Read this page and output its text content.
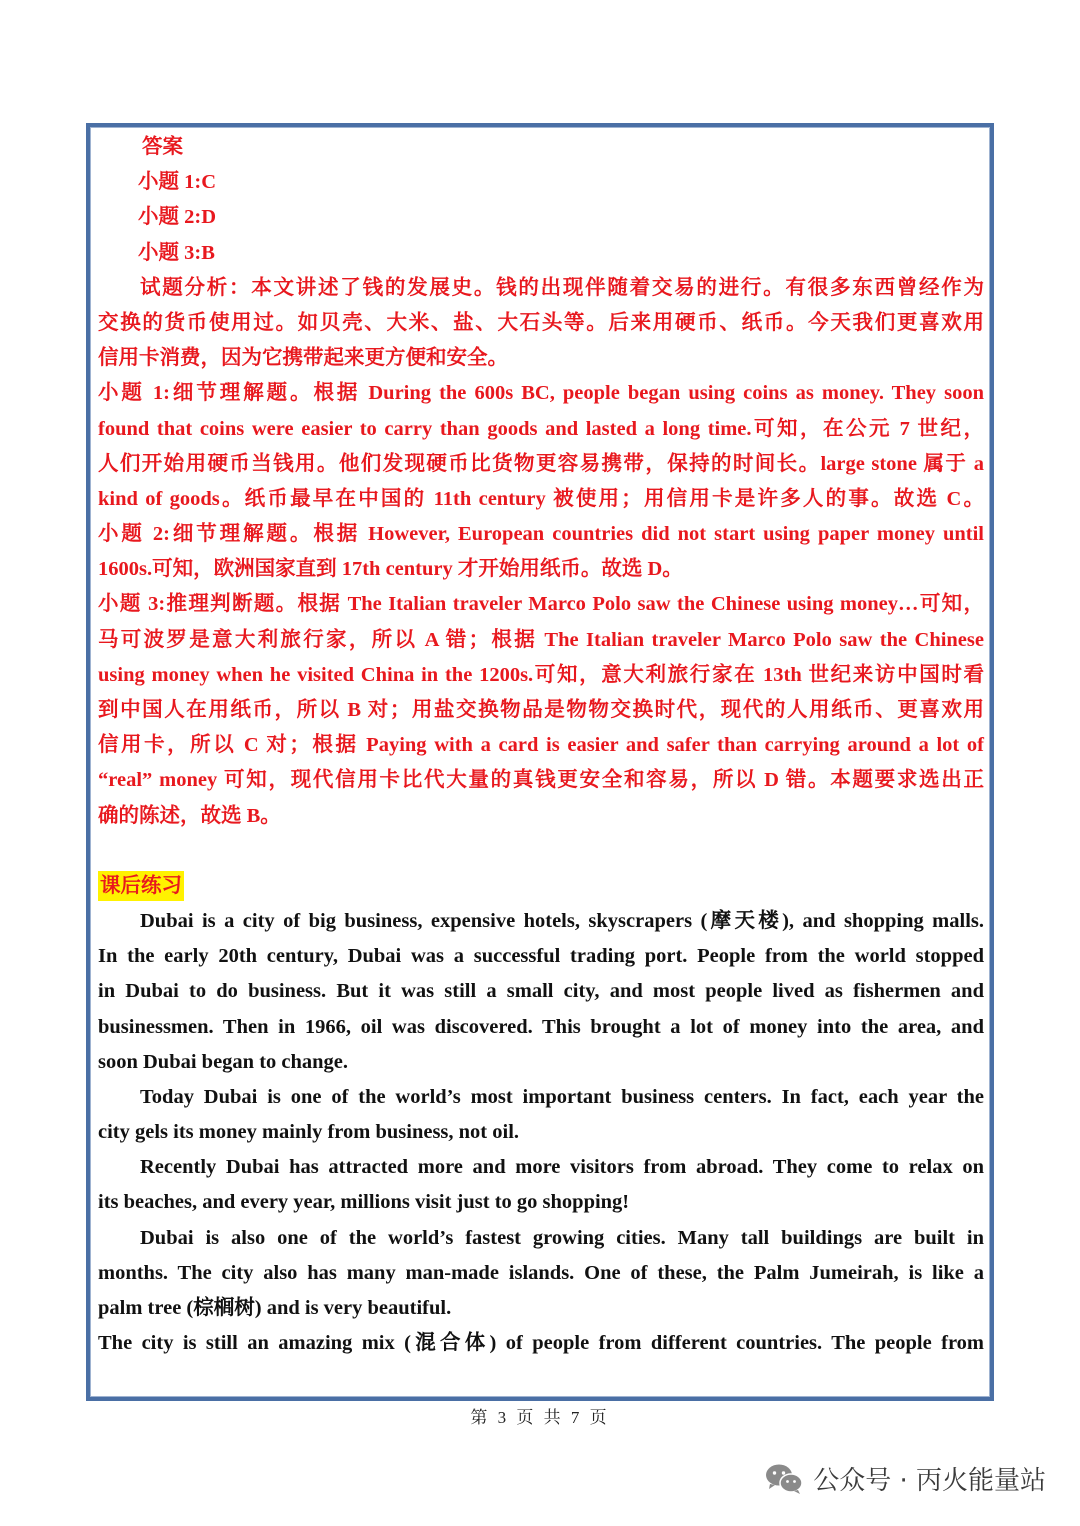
答案
小题 1:C
小题 2:D
小题 3:B
试题分析：本文讲述了钱的发展史。钱的出现伴随着交易的进行。有很多东西曾经作为
交换的货币使用过。如贝壳、大米、盐、大石头等。后来用硬币、纸币。今天我们更喜欢用
信用卡消费，因为它携带起来更方便和安全。
小题 1:细节理解题。根据 During the 600s BC, people began using coins as money. They soon
found that coins were easier to carry than goods and lasted a long time.可知，在公元 7 世纪，
人们开始用硬币当钱用。他们发现硬币比货物更容易携带，保持的时间长。large stone 属于 a
kind of goods。纸币最早在中国的 11th century 被使用；用信用卡是许多人的事。故选 C。
小题 2:细节理解题。根据 However, European countries did not start using paper money until
1600s.可知，欧洲国家直到 17th century 才开始用纸币。故选 D。
小题 3:推理判断题。根据 The Italian traveler Marco Polo saw the Chinese using money…可知，
马可波罗是意大利旅行家，所以 A 错；根据 The Italian traveler Marco Polo saw the Chinese
using money when he visited China in the 1200s.可知，意大利旅行家在 13th 世纪来访中国时看
到中国人在用纸币，所以 B 对；用盐交换物品是物物交换时代，现代的人用纸币、更喜欢用
信用卡，所以 C 对；根据 Paying with a card is easier and safer than carrying around a lot of
“real” money 可知，现代信用卡比代大量的真钱更安全和容易，所以 D 错。本题要求选出正
确的陈述，故选 B。
课后练习
Dubai is a city of big business, expensive hotels, skyscrapers (摩天楼), and shopping malls.
In the early 20th century, Dubai was a successful trading port. People from the world stopped
in Dubai to do business. But it was still a small city, and most people lived as fishermen and
businessmen. Then in 1966, oil was discovered. This brought a lot of money into the area, and
soon Dubai began to change.
Today Dubai is one of the world’s most important business centers. In fact, each year the
city gels its money mainly from business, not oil.
Recently Dubai has attracted more and more visitors from abroad. They come to relax on
its beaches, and every year, millions visit just to go shopping!
Dubai is also one of the world’s fastest growing cities. Many tall buildings are built in
months. The city also has many man-made islands. One of these, the Palm Jumeirah, is like a
palm tree (棕榈树) and is very beautiful.
The city is still an amazing mix (混合体) of people from different countries. The people from
第 3 页 共 7 页
公众号 · 丙火能量站
